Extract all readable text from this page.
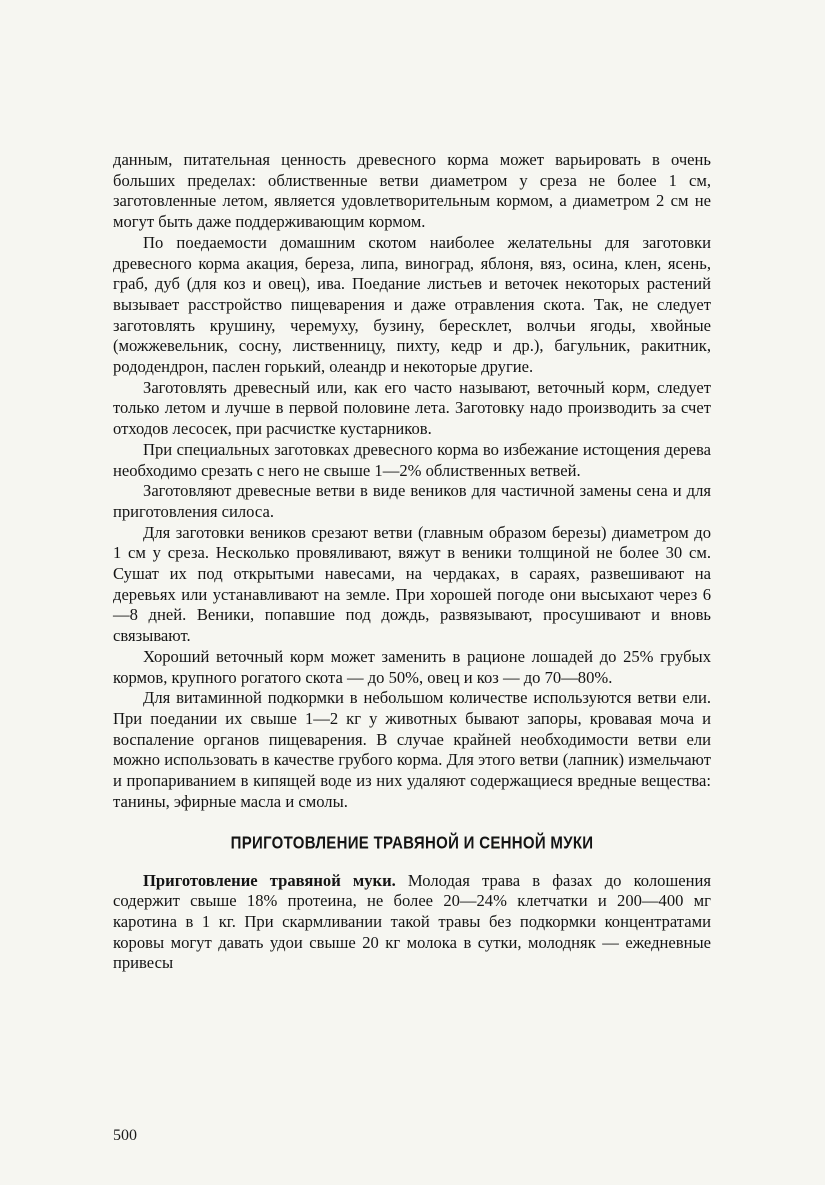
данным, питательная ценность древесного корма может варьировать в очень больших пределах: облиственные ветви диаметром у среза не более 1 см, заготовленные летом, является удовлетворительным кормом, а диаметром 2 см не могут быть даже поддерживающим кормом.

По поедаемости домашним скотом наиболее желательны для заготовки древесного корма акация, береза, липа, виноград, яблоня, вяз, осина, клен, ясень, граб, дуб (для коз и овец), ива. Поедание листьев и веточек некоторых растений вызывает расстройство пищеварения и даже отравления скота. Так, не следует заготовлять крушину, черемуху, бузину, бересклет, волчьи ягоды, хвойные (можжевельник, сосну, лиственницу, пихту, кедр и др.), багульник, ракитник, рододендрон, паслен горький, олеандр и некоторые другие.

Заготовлять древесный или, как его часто называют, веточный корм, следует только летом и лучше в первой половине лета. Заготовку надо производить за счет отходов лесосек, при расчистке кустарников.

При специальных заготовках древесного корма во избежание истощения дерева необходимо срезать с него не свыше 1—2% облиственных ветвей.

Заготовляют древесные ветви в виде веников для частичной замены сена и для приготовления силоса.

Для заготовки веников срезают ветви (главным образом березы) диаметром до 1 см у среза. Несколько провяливают, вяжут в веники толщиной не более 30 см. Сушат их под открытыми навесами, на чердаках, в сараях, развешивают на деревьях или устанавливают на земле. При хорошей погоде они высыхают через 6—8 дней. Веники, попавшие под дождь, развязывают, просушивают и вновь связывают.

Хороший веточный корм может заменить в рационе лошадей до 25% грубых кормов, крупного рогатого скота — до 50%, овец и коз — до 70—80%.

Для витаминной подкормки в небольшом количестве используются ветви ели. При поедании их свыше 1—2 кг у животных бывают запоры, кровавая моча и воспаление органов пищеварения. В случае крайней необходимости ветви ели можно использовать в качестве грубого корма. Для этого ветви (лапник) измельчают и пропариванием в кипящей воде из них удаляют содержащиеся вредные вещества: танины, эфирные масла и смолы.

ПРИГОТОВЛЕНИЕ ТРАВЯНОЙ И СЕННОЙ МУКИ

Приготовление травяной муки. Молодая трава в фазах до колошения содержит свыше 18% протеина, не более 20—24% клетчатки и 200—400 мг каротина в 1 кг. При скармливании такой травы без подкормки концентратами коровы могут давать удои свыше 20 кг молока в сутки, молодняк — ежедневные привесы

500
